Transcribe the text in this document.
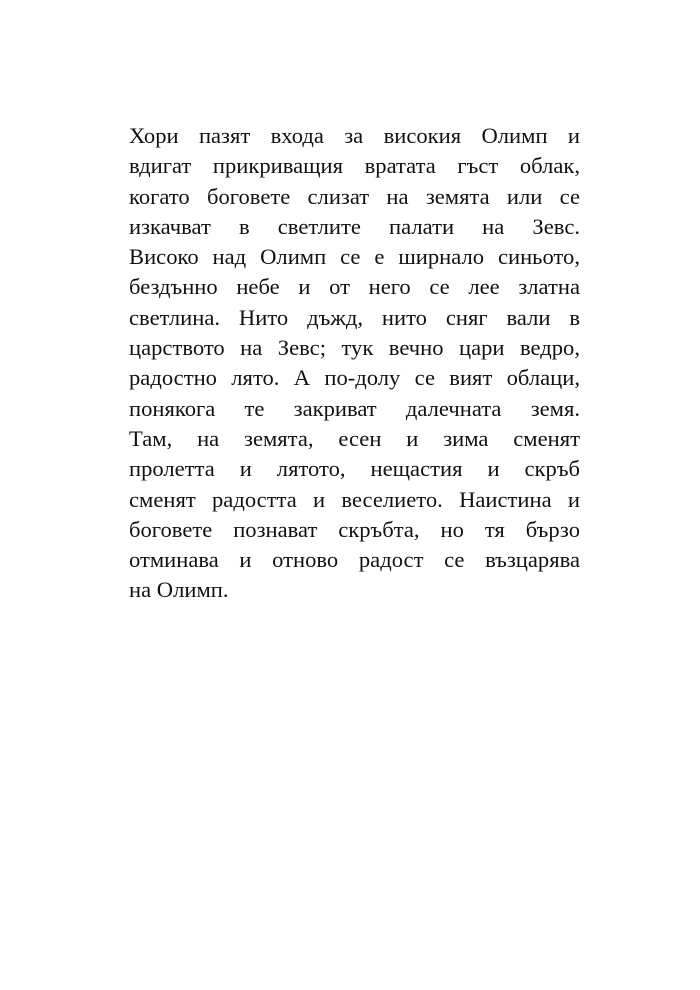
Хори пазят входа за високия Олимп и
вдигат прикриващия вратата гъст облак,
когато боговете слизат на земята или се
изкачват в светлите палати на Зевс.
Високо над Олимп се е ширнало синьото,
бездънно небе и от него се лее златна
светлина. Нито дъжд, нито сняг вали в
царството на Зевс; тук вечно цари ведро,
радостно лято. А по-долу се вият облаци,
понякога те закриват далечната земя.
Там, на земята, есен и зима сменят
пролетта и лятото, нещастия и скръб
сменят радостта и веселието. Наистина и
боговете познават скръбта, но тя бързо
отминава и отново радост се възцарява
на Олимп.
